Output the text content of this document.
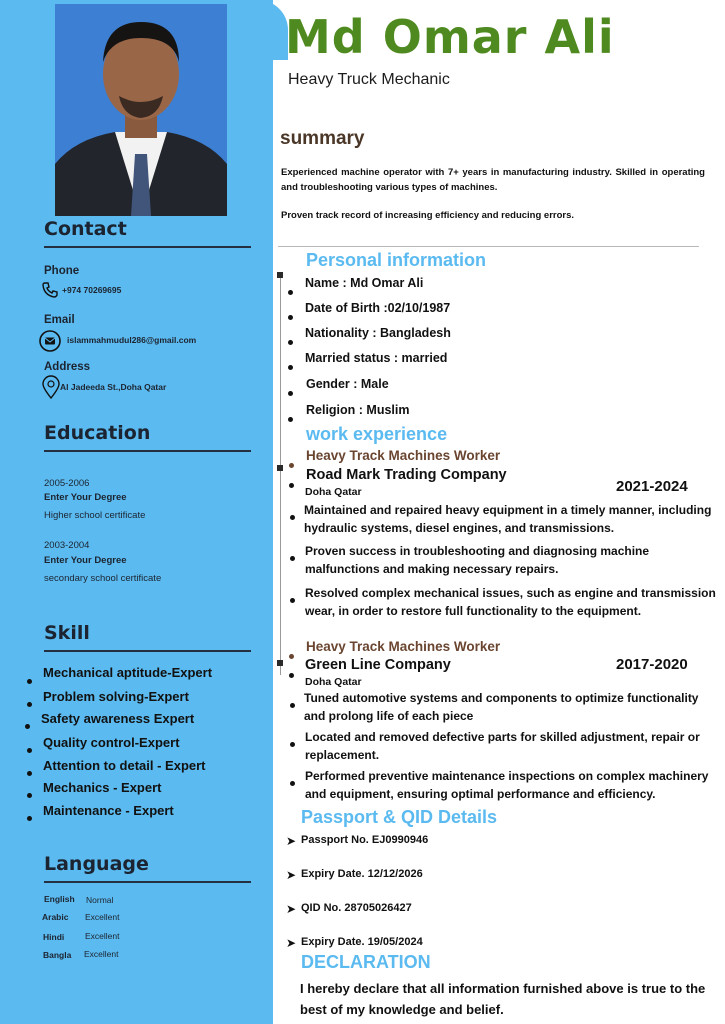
Contact
Phone
+974 70269695
Email
islammahmudul286@gmail.com
Address
Al Jadeeda St.,Doha Qatar
Education
2005-2006
Enter Your Degree
Higher school certificate
2003-2004
Enter Your Degree
secondary school certificate
Skill
Mechanical aptitude-Expert
Problem solving-Expert
Safety awareness Expert
Quality control-Expert
Attention to detail - Expert
Mechanics - Expert
Maintenance - Expert
Language
English Normal
Arabic Excellent
Hindi Excellent
Bangla Excellent
Md Omar Ali
Heavy Truck Mechanic
summary
Experienced machine operator with 7+ years in manufacturing industry. Skilled in operating and troubleshooting various types of machines.
Proven track record of increasing efficiency and reducing errors.
Personal information
Name : Md Omar Ali
Date of Birth :02/10/1987
Nationality : Bangladesh
Married status : married
Gender : Male
Religion : Muslim
work experience
Heavy Track Machines Worker
Road Mark Trading Company
Doha Qatar	2021-2024
Maintained and repaired heavy equipment in a timely manner, including hydraulic systems, diesel engines, and transmissions.
Proven success in troubleshooting and diagnosing machine malfunctions and making necessary repairs.
Resolved complex mechanical issues, such as engine and transmission wear, in order to restore full functionality to the equipment.
Heavy Track Machines Worker
Green Line Company
Doha Qatar
2017-2020
Tuned automotive systems and components to optimize functionality and prolong life of each piece
Located and removed defective parts for skilled adjustment, repair or replacement.
Performed preventive maintenance inspections on complex machinery and equipment, ensuring optimal performance and efficiency.
Passport & QID Details
➤ Passport No. EJ0990946
➤ Expiry Date. 12/12/2026
➤ QID No. 28705026427
➤ Expiry Date. 19/05/2024
DECLARATION
I hereby declare that all information furnished above is true to the best of my knowledge and belief.
